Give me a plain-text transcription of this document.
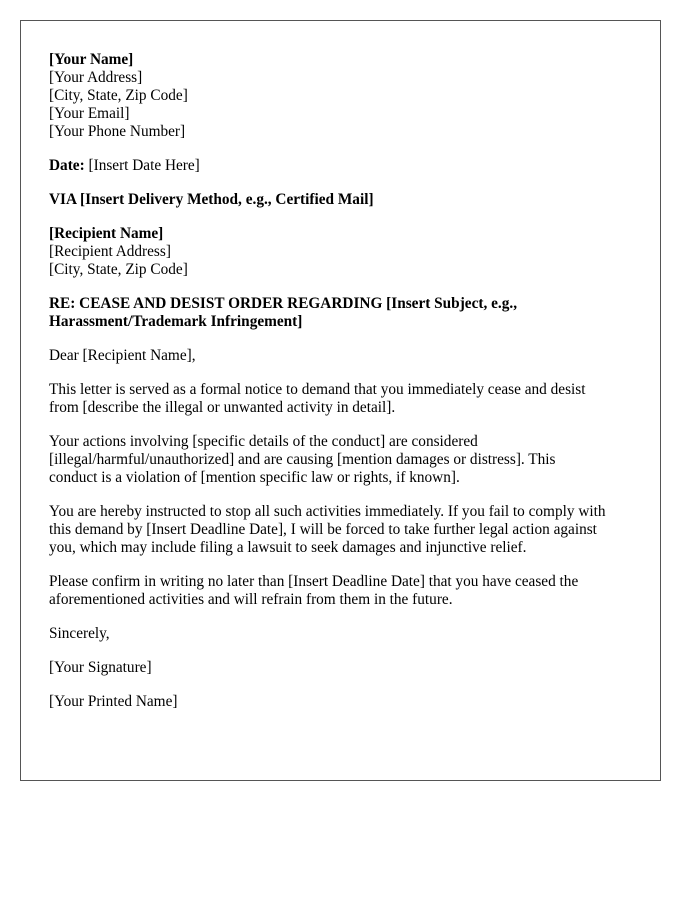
[Your Name]
[Your Address]
[City, State, Zip Code]
[Your Email]
[Your Phone Number]
Date: [Insert Date Here]
VIA [Insert Delivery Method, e.g., Certified Mail]
[Recipient Name]
[Recipient Address]
[City, State, Zip Code]
RE: CEASE AND DESIST ORDER REGARDING [Insert Subject, e.g.,
Harassment/Trademark Infringement]
Dear [Recipient Name],
This letter is served as a formal notice to demand that you immediately cease and desist
from [describe the illegal or unwanted activity in detail].
Your actions involving [specific details of the conduct] are considered
[illegal/harmful/unauthorized] and are causing [mention damages or distress]. This
conduct is a violation of [mention specific law or rights, if known].
You are hereby instructed to stop all such activities immediately. If you fail to comply with
this demand by [Insert Deadline Date], I will be forced to take further legal action against
you, which may include filing a lawsuit to seek damages and injunctive relief.
Please confirm in writing no later than [Insert Deadline Date] that you have ceased the
aforementioned activities and will refrain from them in the future.
Sincerely,
[Your Signature]
[Your Printed Name]
